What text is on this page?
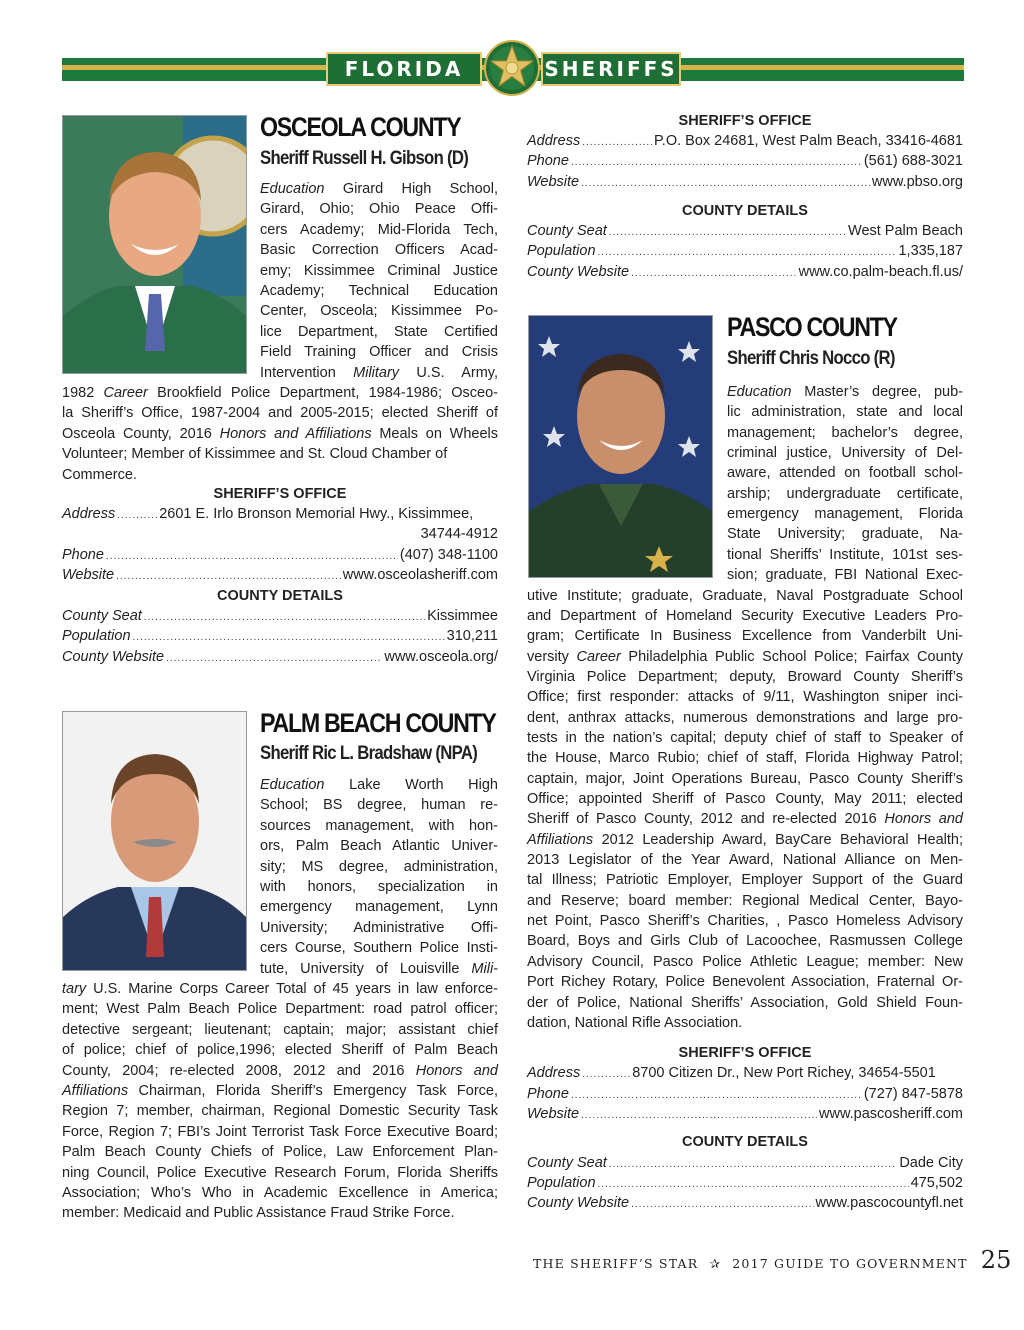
FLORIDA	SHERIFFS
OSCEOLA COUNTY
Sheriff Russell H. Gibson (D)
Education Girard High School,
Girard, Ohio; Ohio Peace Offi-
cers Academy; Mid-Florida Tech,
Basic Correction Officers Acad-
emy; Kissimmee Criminal Justice
Academy; Technical Education
Center, Osceola; Kissimmee Po-
lice Department, State Certified
Field Training Officer and Crisis
Intervention Military U.S. Army,
1982 Career Brookfield Police Department, 1984-1986; Osceo-
la Sheriff’s Office, 1987-2004 and 2005-2015; elected Sheriff of
Osceola County, 2016 Honors and Affiliations Meals on Wheels
Volunteer; Member of Kissimmee and St. Cloud Chamber of
Commerce.
SHERIFF’S OFFICE
Address .....	2601 E. Irlo Bronson Memorial Hwy., Kissimmee,
34744-4912
Phone .....	(407) 348-1100
Website .....	www.osceolasheriff.com
COUNTY DETAILS
County Seat .....	Kissimmee
Population .....	310,211
County Website .....	www.osceola.org/
PALM BEACH COUNTY
Sheriff Ric L. Bradshaw (NPA)
Education Lake Worth High
School; BS degree, human re-
sources management, with hon-
ors, Palm Beach Atlantic Univer-
sity; MS degree, administration,
with honors, specialization in
emergency management, Lynn
University; Administrative Offi-
cers Course, Southern Police Insti-
tute, University of Louisville Mili-
tary U.S. Marine Corps Career Total of 45 years in law enforce-
ment; West Palm Beach Police Department: road patrol officer;
detective sergeant; lieutenant; captain; major; assistant chief
of police; chief of police,1996; elected Sheriff of Palm Beach
County, 2004; re-elected 2008, 2012 and 2016 Honors and
Affiliations Chairman, Florida Sheriff’s Emergency Task Force,
Region 7; member, chairman, Regional Domestic Security Task
Force, Region 7; FBI’s Joint Terrorist Task Force Executive Board;
Palm Beach County Chiefs of Police, Law Enforcement Plan-
ning Council, Police Executive Research Forum, Florida Sheriffs
Association; Who’s Who in Academic Excellence in America;
member: Medicaid and Public Assistance Fraud Strike Force.
SHERIFF’S OFFICE
Address .....	P.O. Box 24681, West Palm Beach, 33416-4681
Phone .....	(561) 688-3021
Website .....	www.pbso.org
COUNTY DETAILS
County Seat .....	West Palm Beach
Population .....	1,335,187
County Website .....	www.co.palm-beach.fl.us/
PASCO COUNTY
Sheriff Chris Nocco (R)
Education Master’s degree, pub-
lic administration, state and local
management; bachelor’s degree,
criminal justice, University of Del-
aware, attended on football schol-
arship; undergraduate certificate,
emergency management, Florida
State University; graduate, Na-
tional Sheriffs’ Institute, 101st ses-
sion; graduate, FBI National Exec-
utive Institute; graduate, Graduate, Naval Postgraduate School
and Department of Homeland Security Executive Leaders Pro-
gram; Certificate In Business Excellence from Vanderbilt Uni-
versity Career Philadelphia Public School Police; Fairfax County
Virginia Police Department; deputy, Broward County Sheriff’s
Office; first responder: attacks of 9/11, Washington sniper inci-
dent, anthrax attacks, numerous demonstrations and large pro-
tests in the nation’s capital; deputy chief of staff to Speaker of
the House, Marco Rubio; chief of staff, Florida Highway Patrol;
captain, major, Joint Operations Bureau, Pasco County Sheriff’s
Office; appointed Sheriff of Pasco County, May 2011; elected
Sheriff of Pasco County, 2012 and re-elected 2016 Honors and
Affiliations 2012 Leadership Award, BayCare Behavioral Health;
2013 Legislator of the Year Award, National Alliance on Men-
tal Illness; Patriotic Employer, Employer Support of the Guard
and Reserve; board member: Regional Medical Center, Bayo-
net Point, Pasco Sheriff’s Charities, , Pasco Homeless Advisory
Board, Boys and Girls Club of Lacoochee, Rasmussen College
Advisory Council, Pasco Police Athletic League; member: New
Port Richey Rotary, Police Benevolent Association, Fraternal Or-
der of Police, National Sheriffs’ Association, Gold Shield Foun-
dation, National Rifle Association.
SHERIFF’S OFFICE
Address .....	8700 Citizen Dr., New Port Richey, 34654-5501
Phone .....	(727) 847-5878
Website .....	www.pascosheriff.com
COUNTY DETAILS
County Seat .....	Dade City
Population .....	475,502
County Website .....	www.pascocountyfl.net
THE SHERIFF’S STAR ✰ 2017 GUIDE TO GOVERNMENT 25
